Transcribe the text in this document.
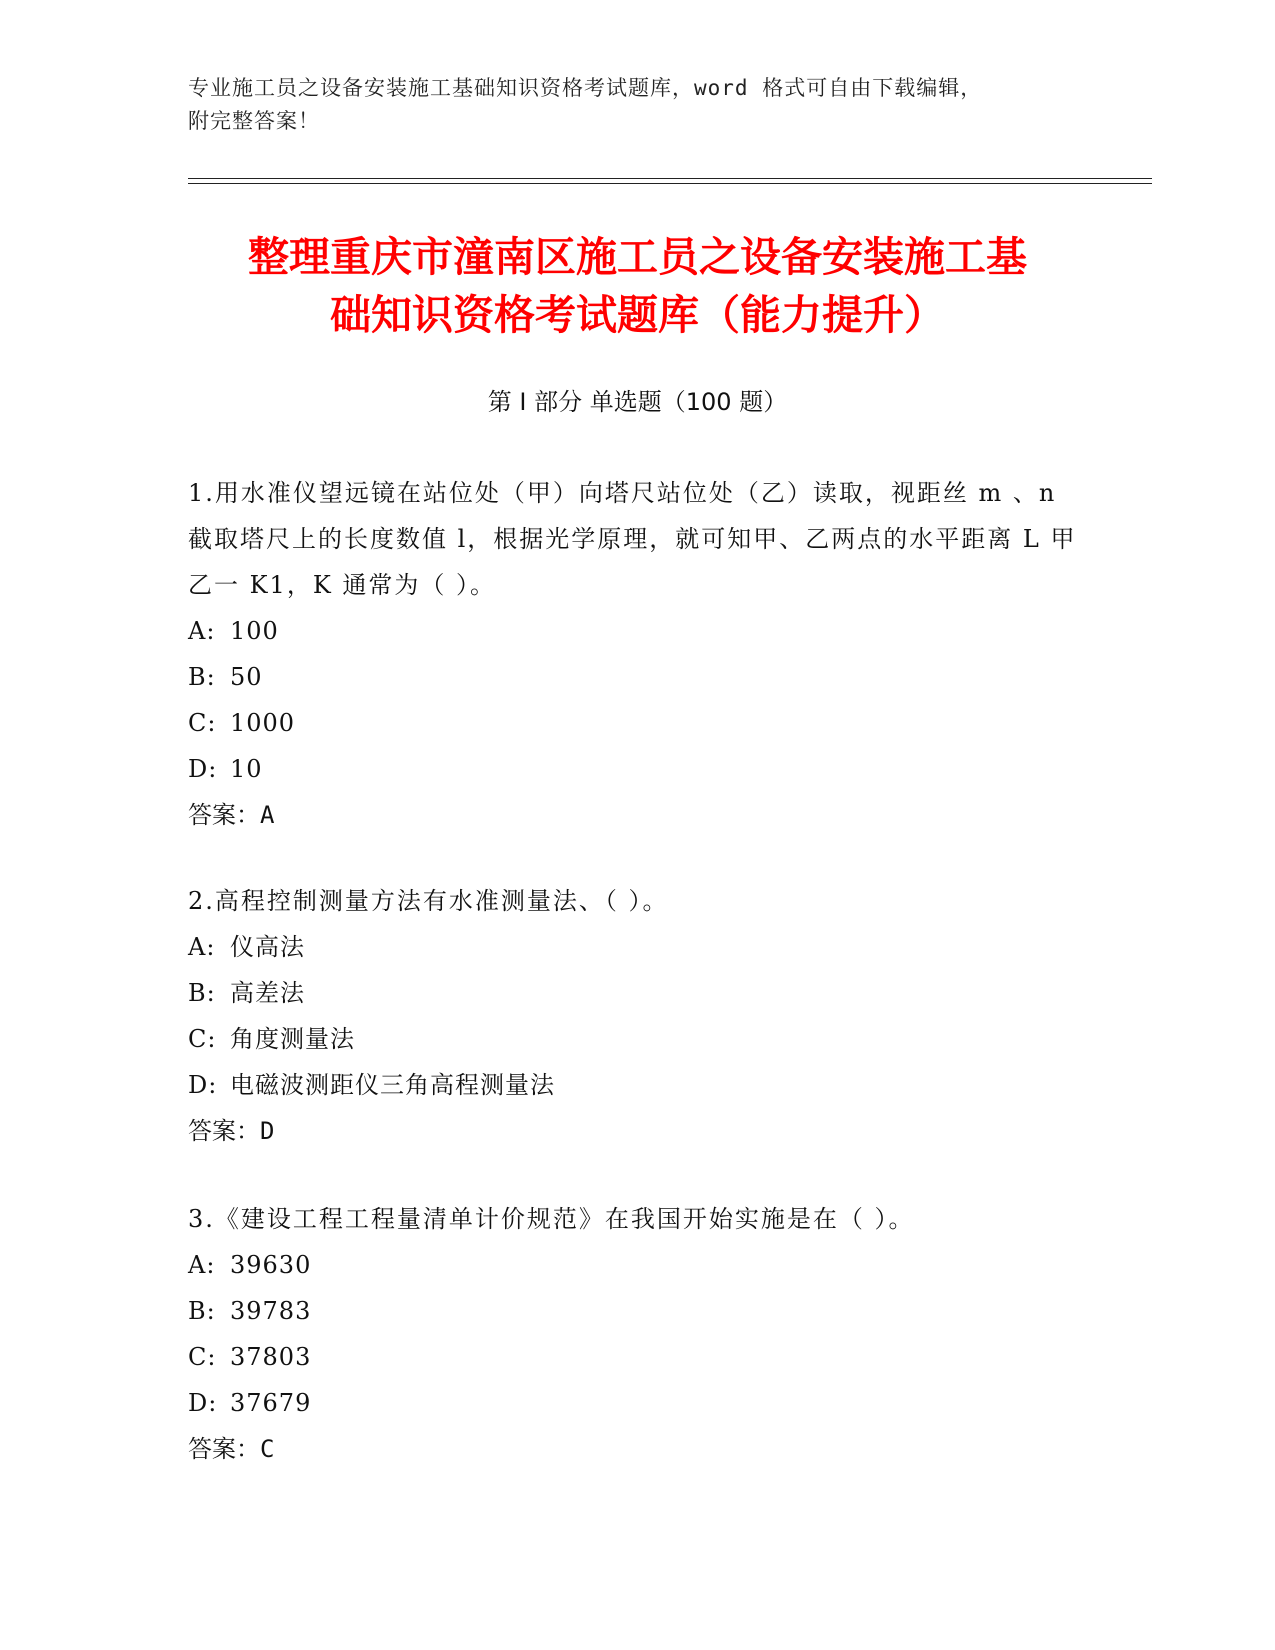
专业施工员之设备安装施工基础知识资格考试题库，word 格式可自由下载编辑，
附完整答案！
整理重庆市潼南区施工员之设备安装施工基
础知识资格考试题库（能力提升）
第 I 部分 单选题（100 题）
1.用水准仪望远镜在站位处（甲）向塔尺站位处（乙）读取，视距丝 m 、n 截取塔尺上的长度数值 l，根据光学原理，就可知甲、乙两点的水平距离 L 甲乙一 K1，K 通常为（ ）。
A: 100
B: 50
C: 1000
D: 10
答案：A
2.高程控制测量方法有水准测量法、（ ）。
A: 仪高法
B: 高差法
C: 角度测量法
D: 电磁波测距仪三角高程测量法
答案：D
3.《建设工程工程量清单计价规范》在我国开始实施是在（ ）。
A: 39630
B: 39783
C: 37803
D: 37679
答案：C
